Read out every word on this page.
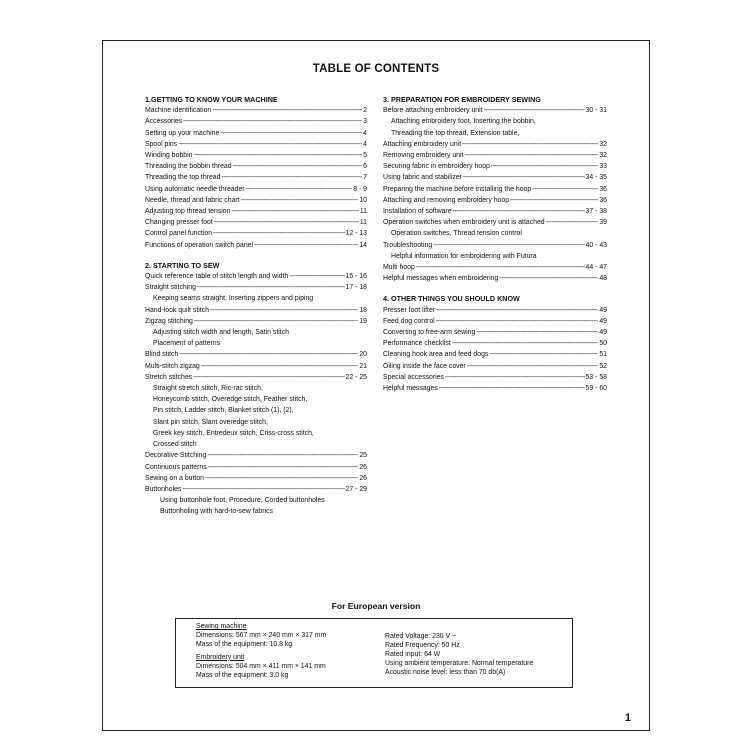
TABLE OF CONTENTS
1.GETTING TO KNOW YOUR MACHINE
Machine identification -----	2
Accessories -----	3
Setting up your machine -----	4
Spool pins -----	4
Winding bobbin -----	5
Threading the bobbin thread -----	6
Threading the top thread -----	7
Using automatic needle threader -----	8 - 9
Needle, thread and fabric chart -----	10
Adjusting top thread tension -----	11
Changing presser foot -----	11
Control panel function -----	12 - 13
Functions of operation switch panel -----	14
2. STARTING TO SEW
Quick reference table of stitch length and width -----	15 - 16
Straight stitching -----	17 - 18
Keeping seams straight, Inserting zippers and piping
Hand-look quilt stitch -----	18
Zigzag stitching -----	19
Adjusting stitch width and length, Satin stitch
Placement of patterns
Blind stitch -----	20
Multi-stitch zigzag -----	21
Stretch stitches -----	22 - 25
Straight stretch stitch, Ric-rac stitch,
Honeycomb stitch, Overedge stitch, Feather stitch,
Pin stitch, Ladder stitch, Blanket stitch (1), (2),
Slant pin stitch, Slant overedge stitch,
Greek key stitch, Entredeux stitch, Criss-cross stitch,
Crossed stitch
Decorative Stitching -----	25
Continuous patterns -----	26
Sewing on a button -----	26
Buttonholes -----	27 - 29
Using buttonhole foot, Procedure, Corded buttonholes
Buttonholing with hard-to-sew fabrics
3. PREPARATION FOR EMBROIDERY SEWING
Before attaching embroidery unit -----	30 - 31
Attaching embroidery foot, Inserting the bobbin,
Threading the top thread, Extension table,
Attaching embroidery unit -----	32
Removing embroidery unit -----	32
Securing fabric in embroidery hoop -----	33
Using fabric and stabilizer -----	34 - 35
Preparing the machine before installing the hoop -----	36
Attaching and removing embroidery hoop -----	36
Installation of software -----	37 - 38
Operation switches when embroidery unit is attached -----	39
Operation switches, Thread tension control
Troubleshooting -----	40 - 43
Helpful information for embroidering with Futura
Multi hoop -----	44 - 47
Helpful messages when embroidering -----	48
4. OTHER THINGS YOU SHOULD KNOW
Presser foot lifter -----	49
Feed dog control -----	49
Converting to free-arm sewing -----	49
Performance checklist -----	50
Cleaning hook area and feed dogs -----	51
Oiling inside the face cover -----	52
Special accessories -----	53 - 58
Helpful messages -----	59 - 60
For European version
Sewing machine
Dimensions: 567 mm × 240 mm × 317 mm
Mass of the equipment: 10.8 kg
Embroidery unit
Dimensions: 504 mm × 411 mm × 141 mm
Mass of the equipment: 3.0 kg
Rated Voltage: 230 V ~
Rated Frequency: 50 Hz
Rated input: 64 W
Using ambient temperature: Normal temperature
Acoustic noise level: less than 70 db(A)
1
